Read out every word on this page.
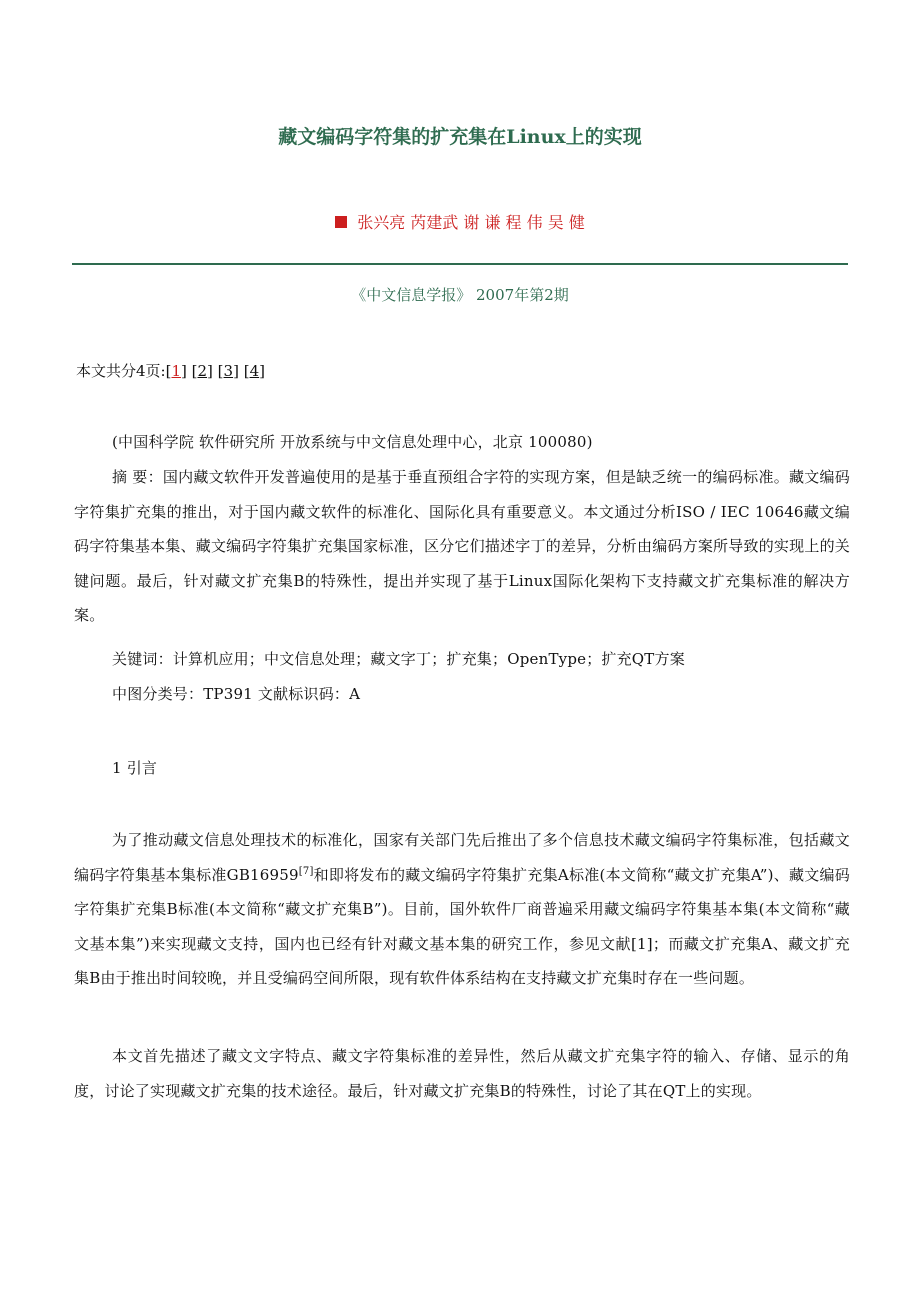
藏文编码字符集的扩充集在Linux上的实现
张兴亮 芮建武 谢 谦 程 伟 吴 健
《中文信息学报》 2007年第2期
本文共分4页:[1] [2] [3] [4]

(中国科学院 软件研究所 开放系统与中文信息处理中心，北京 100080)

摘 要：国内藏文软件开发普遍使用的是基于垂直预组合字符的实现方案，但是缺乏统一的编码标准。藏文编码字符集扩充集的推出，对于国内藏文软件的标准化、国际化具有重要意义。本文通过分析ISO / IEC 10646藏文编码字符集基本集、藏文编码字符集扩充集国家标准，区分它们描述字丁的差异，分析由编码方案所导致的实现上的关键问题。最后，针对藏文扩充集B的特殊性，提出并实现了基于Linux国际化架构下支持藏文扩充集标准的解决方案。

关键词：计算机应用；中文信息处理；藏文字丁；扩充集；OpenType；扩充QT方案

中图分类号：TP391 文献标识码：A

1 引言

为了推动藏文信息处理技术的标准化，国家有关部门先后推出了多个信息技术藏文编码字符集标准，包括藏文编码字符集基本集标准GB16959[7]和即将发布的藏文编码字符集扩充集A标准(本文简称“藏文扩充集A”)、藏文编码字符集扩充集B标准(本文简称“藏文扩充集B”)。目前，国外软件厂商普遍采用藏文编码字符集基本集(本文简称“藏文基本集”)来实现藏文支持，国内也已经有针对藏文基本集的研究工作，参见文献[1]；而藏文扩充集A、藏文扩充集B由于推出时间较晚，并且受编码空间所限，现有软件体系结构在支持藏文扩充集时存在一些问题。

本文首先描述了藏文文字特点、藏文字符集标准的差异性，然后从藏文扩充集字符的输入、存储、显示的角度，讨论了实现藏文扩充集的技术途径。最后，针对藏文扩充集B的特殊性，讨论了其在QT上的实现。
